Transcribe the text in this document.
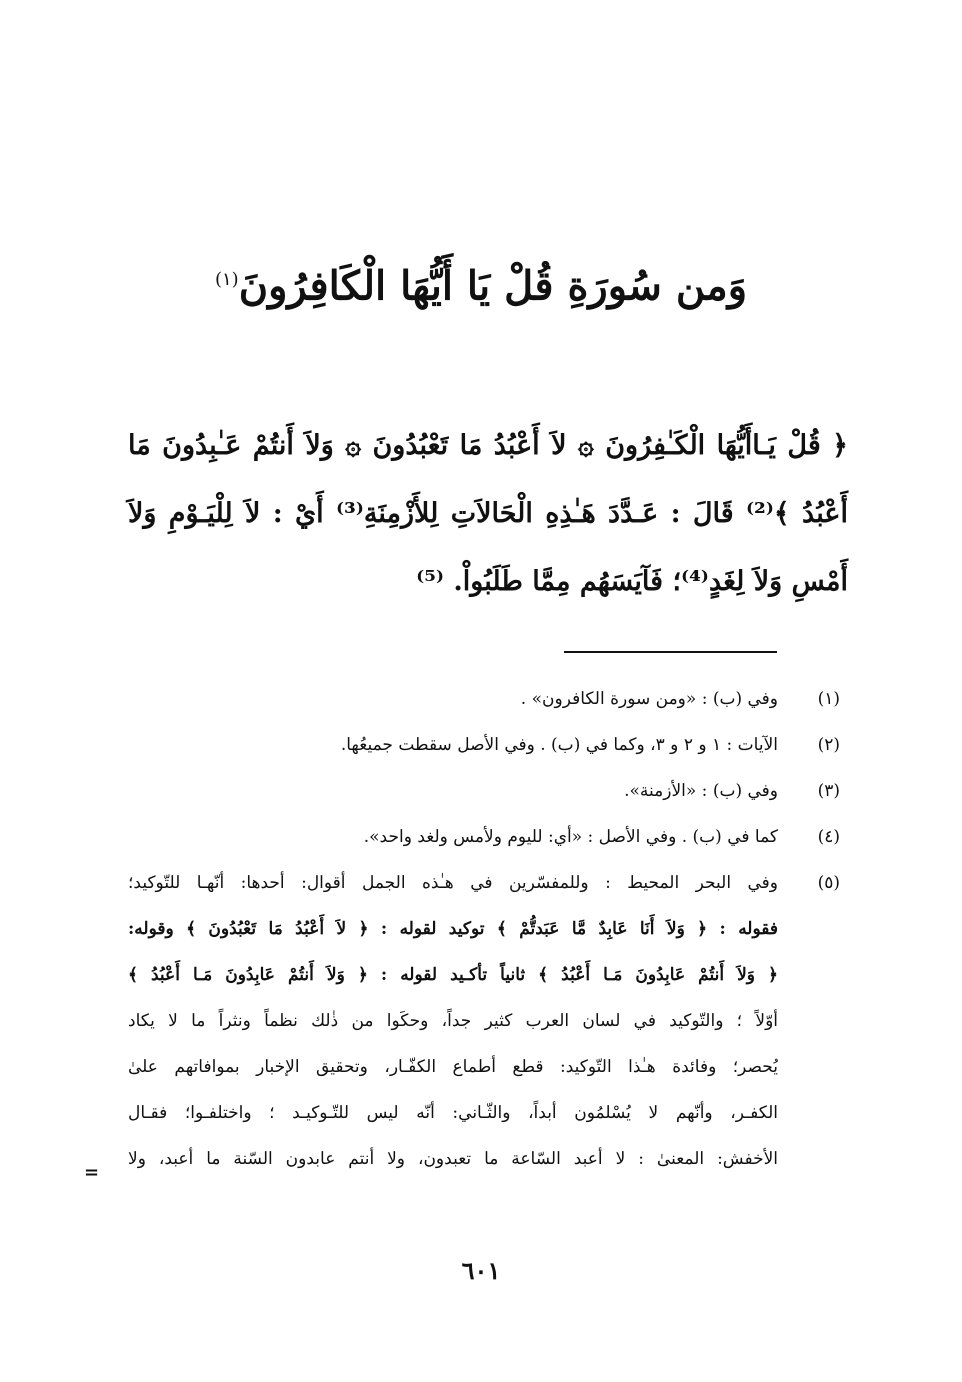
وَمن سُورَةِ قُلْ يَا أَيُّهَا الْكَافِرُونَ$^{(١)}$
﴿ قُلْ يَـاأَيُّهَا الْكَـٰفِرُونَ ۞ لاَ أَعْبُدُ مَا تَعْبُدُونَ ۞ وَلاَ أَنتُمْ عَـٰبِدُونَ مَا
أَعْبُدُ ﴾⁽²⁾ قَالَ : عَـدَّدَ هَـٰذِهِ الْحَالاَتِ لِلأَزْمِنَةِ⁽³⁾ أَيْ : لاَ لِلْيَـوْمِ وَلاَ
أَمْسِ وَلاَ لِغَدٍ⁽⁴⁾؛ فَآيَسَهُم مِمَّا طَلَبُواْ. ⁽⁵⁾
(١)
وفي (ب) : «ومن سورة الكافرون» .
(٢)
الآيات : ١ و ٢ و ٣، وكما في (ب) . وفي الأصل سقطت جميعُها.
(٣)
وفي (ب) : «الأزمنة».
(٤)
كما في (ب) . وفي الأصل : «أي: لليوم ولأمس ولغد واحد».
(٥)
وفي البحر المحيط : وللمفسّرين في هـٰذه الجمل أقوال: أحدها: أنّهـا للتّوكيد؛
فقوله : ﴿ وَلاَ أَنَا عَابِدٌ مَّا عَبَدتُّمْ ﴾ توكيد لقوله : ﴿ لاَ أَعْبُدُ مَا تَعْبُدُونَ ﴾ وقوله:
﴿ وَلاَ أَنتُمْ عَابِدُونَ مَـا أَعْبُدُ ﴾ ثانياً تأكـيد لقوله : ﴿ وَلاَ أَنتُمْ عَابِدُونَ مَـا أَعْبُدُ ﴾
أوّلاً ؛ والتّوكيد في لسان العرب كثير جداً، وحكَوا من ذٰلك نظماً ونثراً ما لا يكاد
يُحصر؛ وفائدة هـٰذا التّوكيد: قطع أطماع الكفّـار، وتحقيق الإخبار بموافاتهم علىٰ
الكفـر، وأنّهم لا يُسْلمُون أبداً، والثّـاني: أنّه ليس للتّـوكيـد ؛ واختلفـوا؛ فقـال
الأخفش: المعنىٰ : لا أعبد السّاعة ما تعبدون، ولا أنتم عابدون السّنة ما أعبد، ولا
=
٦٠١
